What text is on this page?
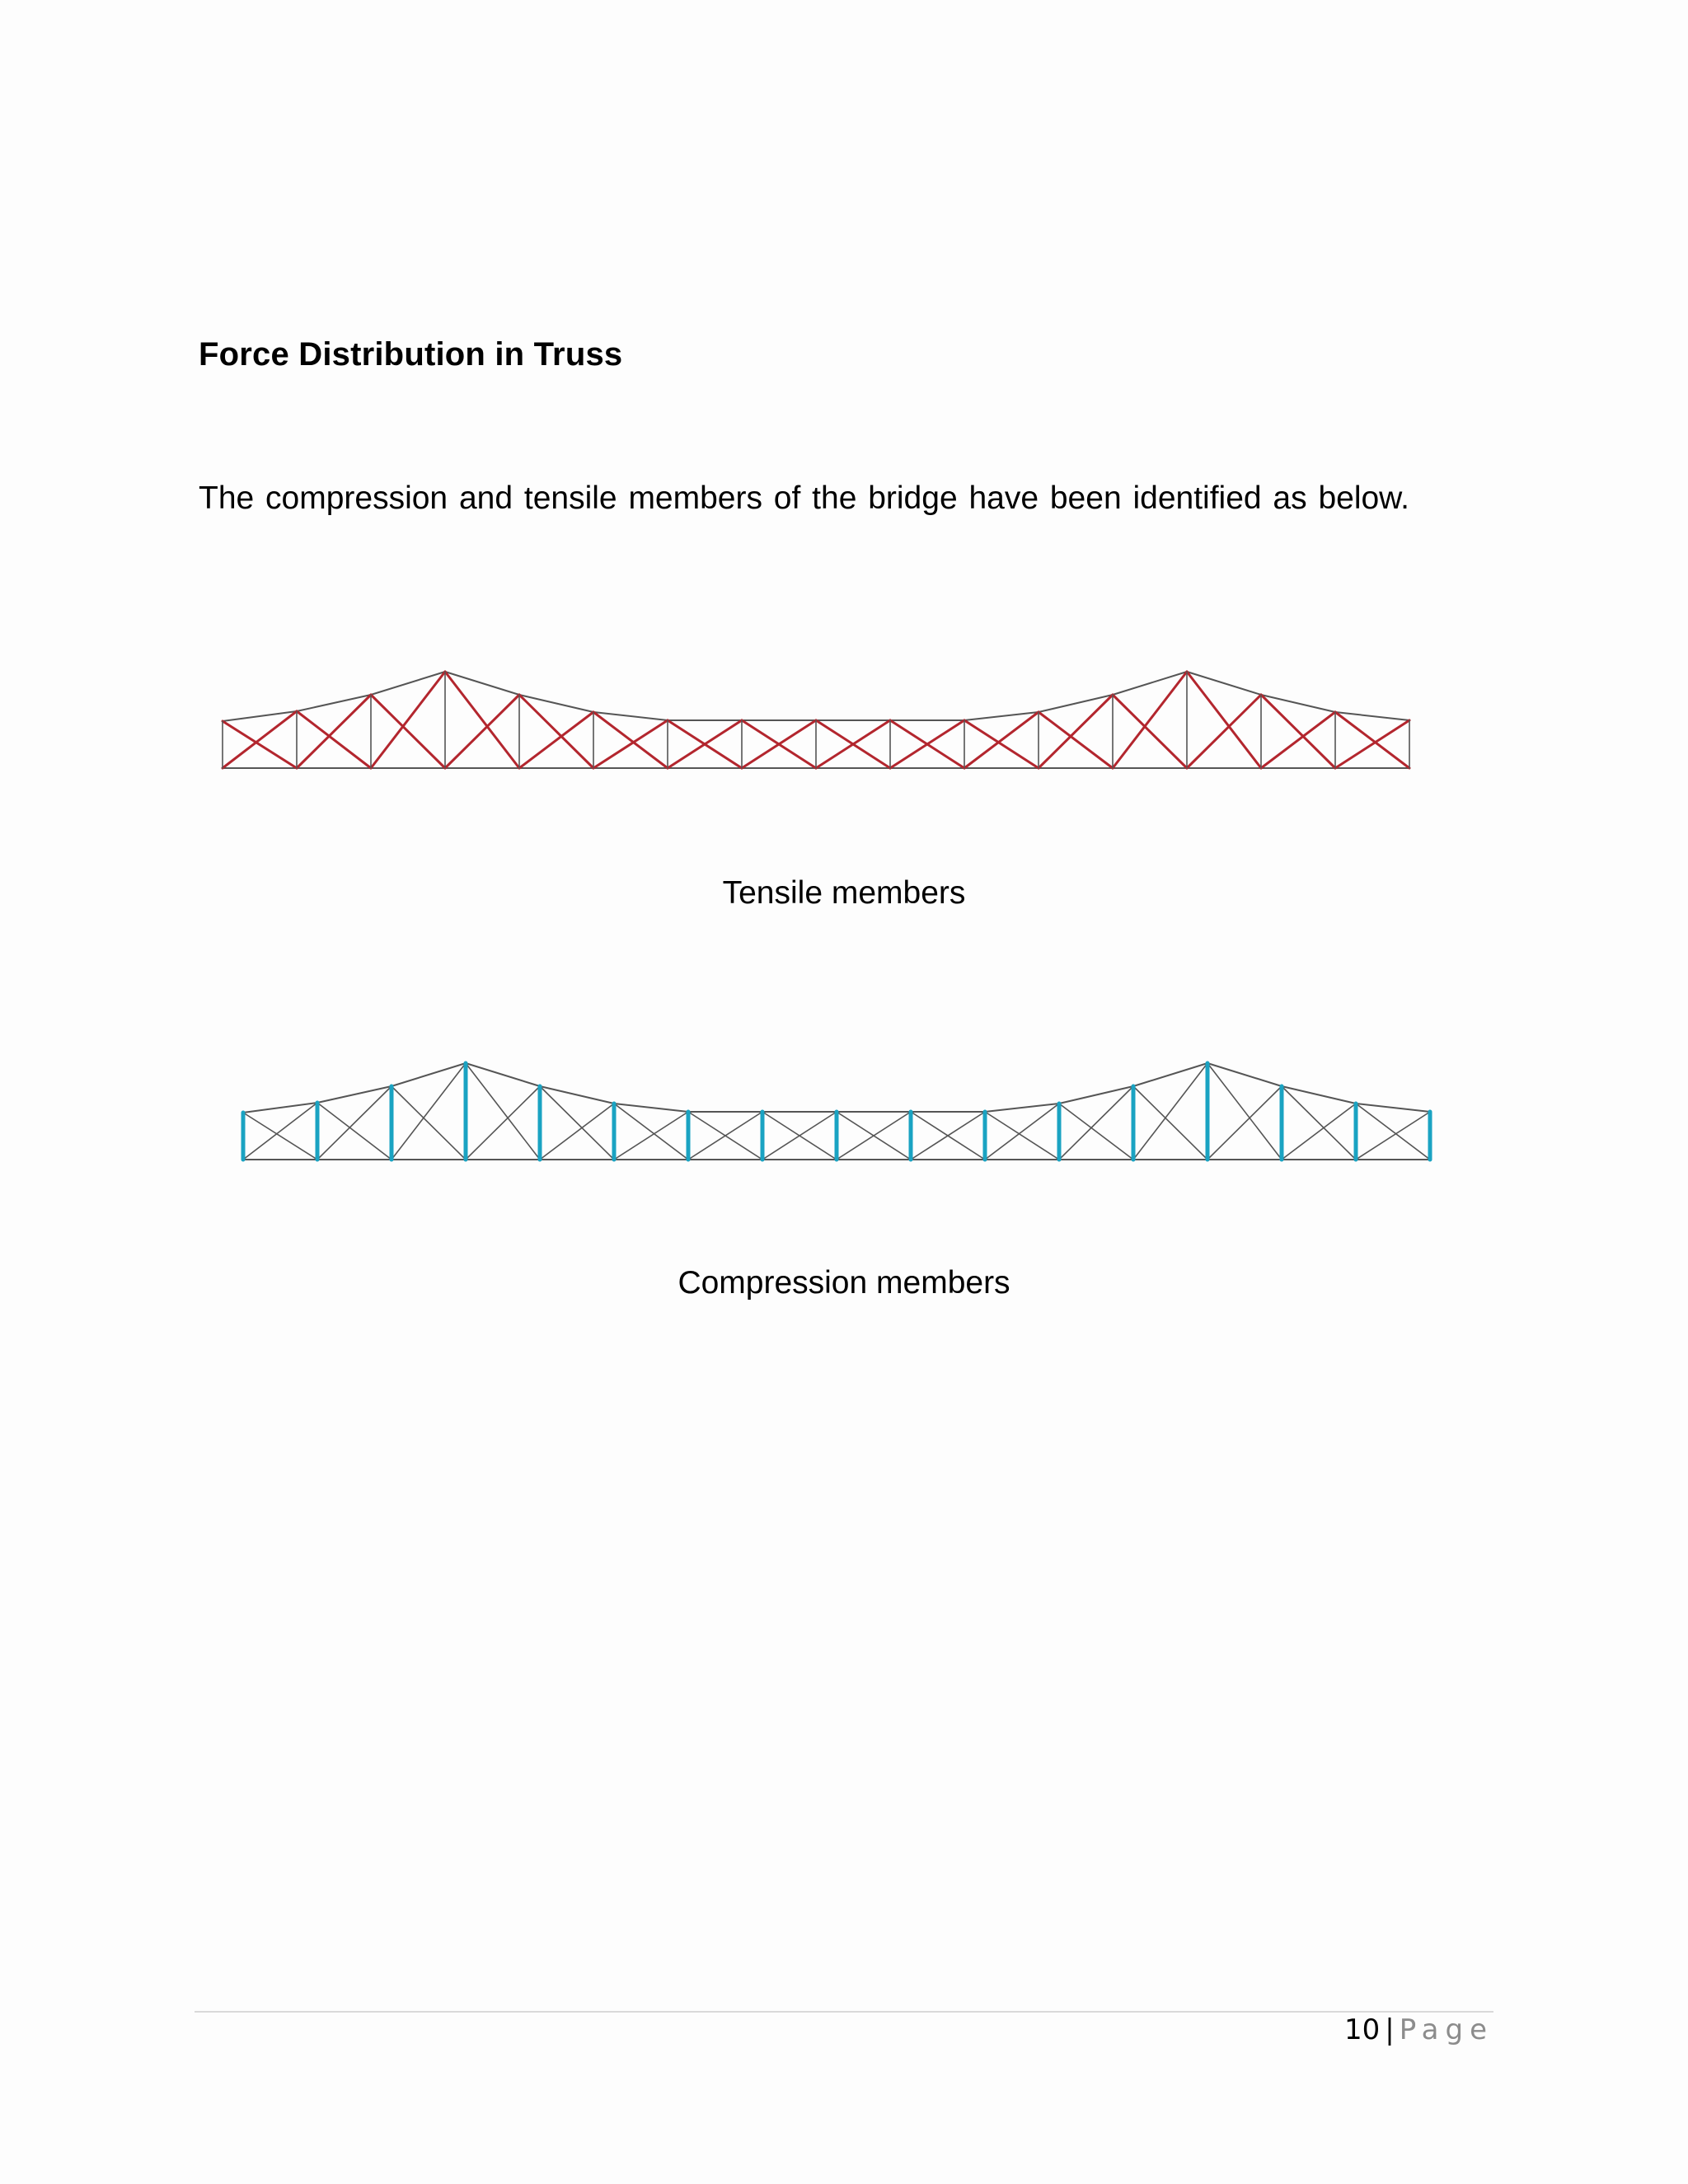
Force Distribution in Truss
The compression and tensile members of the bridge have been identified as below.
Tensile members
Compression members
10 | Page
